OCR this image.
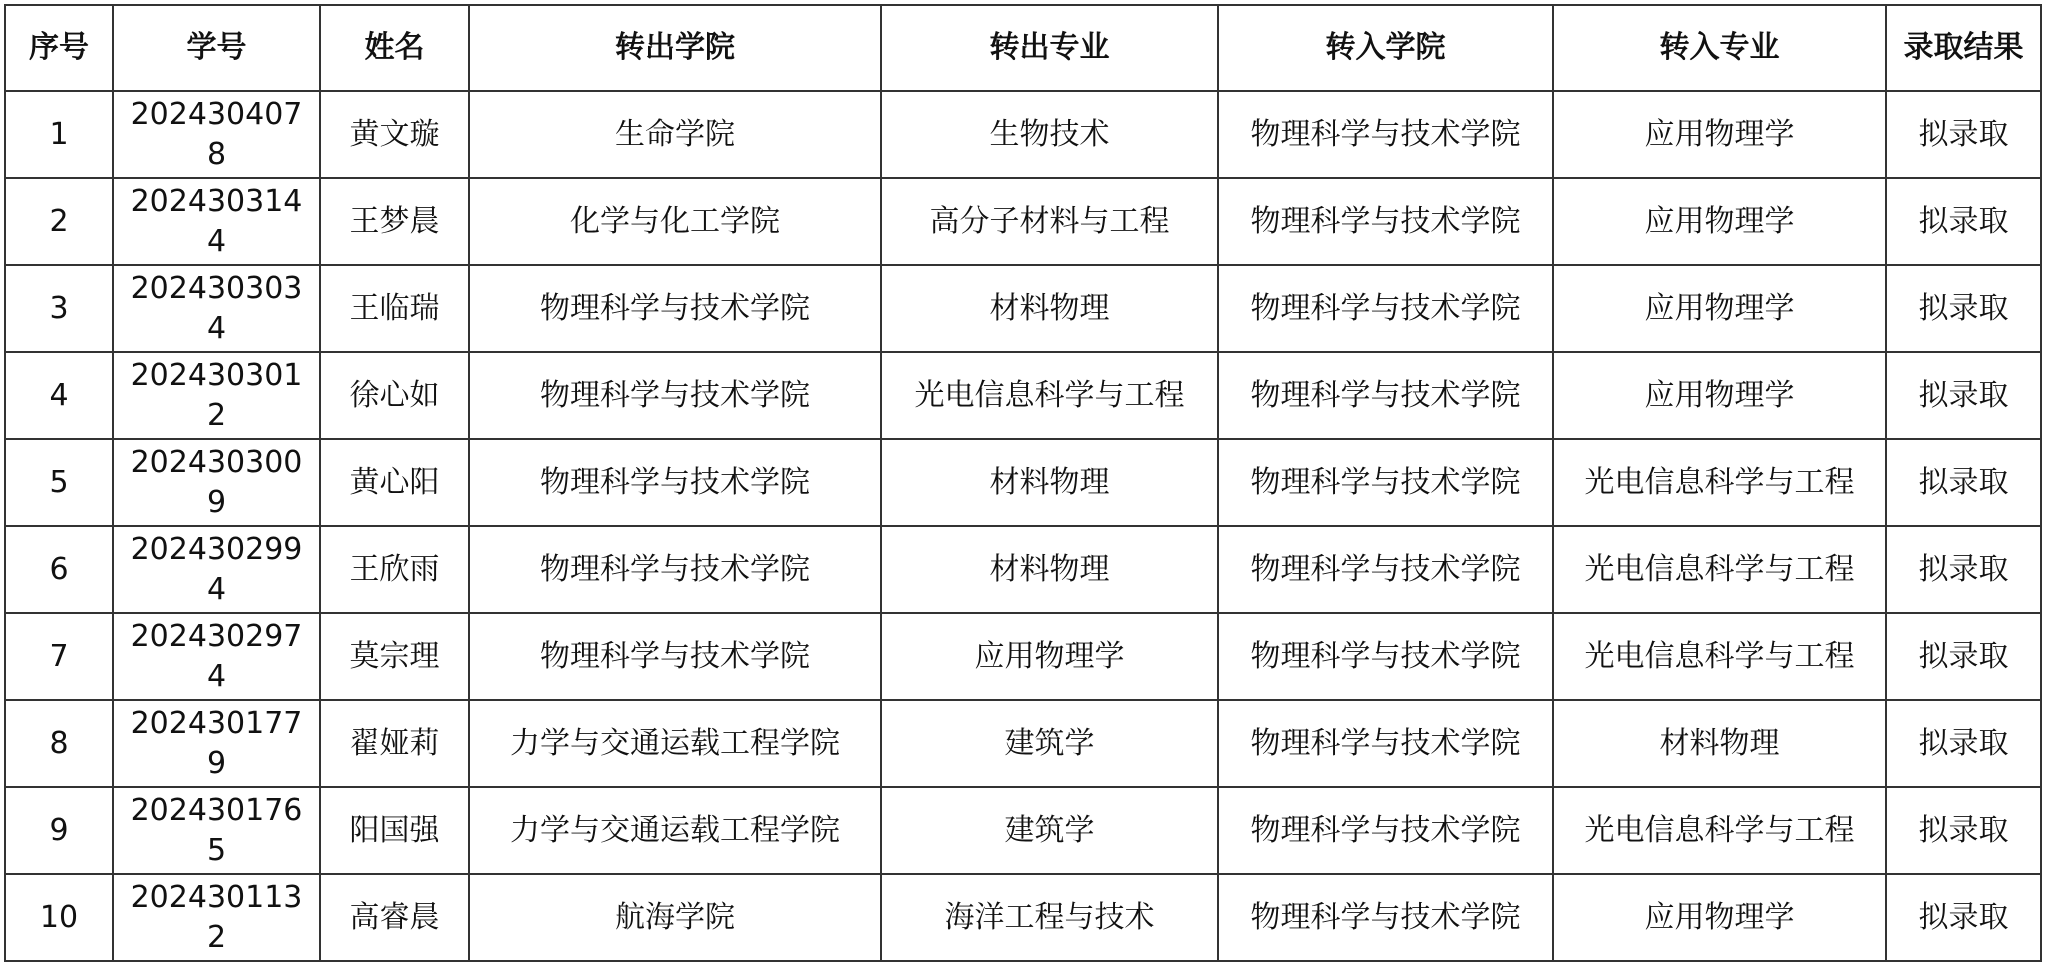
序号	学号	姓名	转出学院	转出专业	转入学院	转入专业	录取结果
1	2024304078	黄文璇	生命学院	生物技术	物理科学与技术学院	应用物理学	拟录取
2	2024303144	王梦晨	化学与化工学院	高分子材料与工程	物理科学与技术学院	应用物理学	拟录取
3	2024303034	王临瑞	物理科学与技术学院	材料物理	物理科学与技术学院	应用物理学	拟录取
4	2024303012	徐心如	物理科学与技术学院	光电信息科学与工程	物理科学与技术学院	应用物理学	拟录取
5	2024303009	黄心阳	物理科学与技术学院	材料物理	物理科学与技术学院	光电信息科学与工程	拟录取
6	2024302994	王欣雨	物理科学与技术学院	材料物理	物理科学与技术学院	光电信息科学与工程	拟录取
7	2024302974	莫宗理	物理科学与技术学院	应用物理学	物理科学与技术学院	光电信息科学与工程	拟录取
8	2024301779	翟娅莉	力学与交通运载工程学院	建筑学	物理科学与技术学院	材料物理	拟录取
9	2024301765	阳国强	力学与交通运载工程学院	建筑学	物理科学与技术学院	光电信息科学与工程	拟录取
10	2024301132	高睿晨	航海学院	海洋工程与技术	物理科学与技术学院	应用物理学	拟录取
